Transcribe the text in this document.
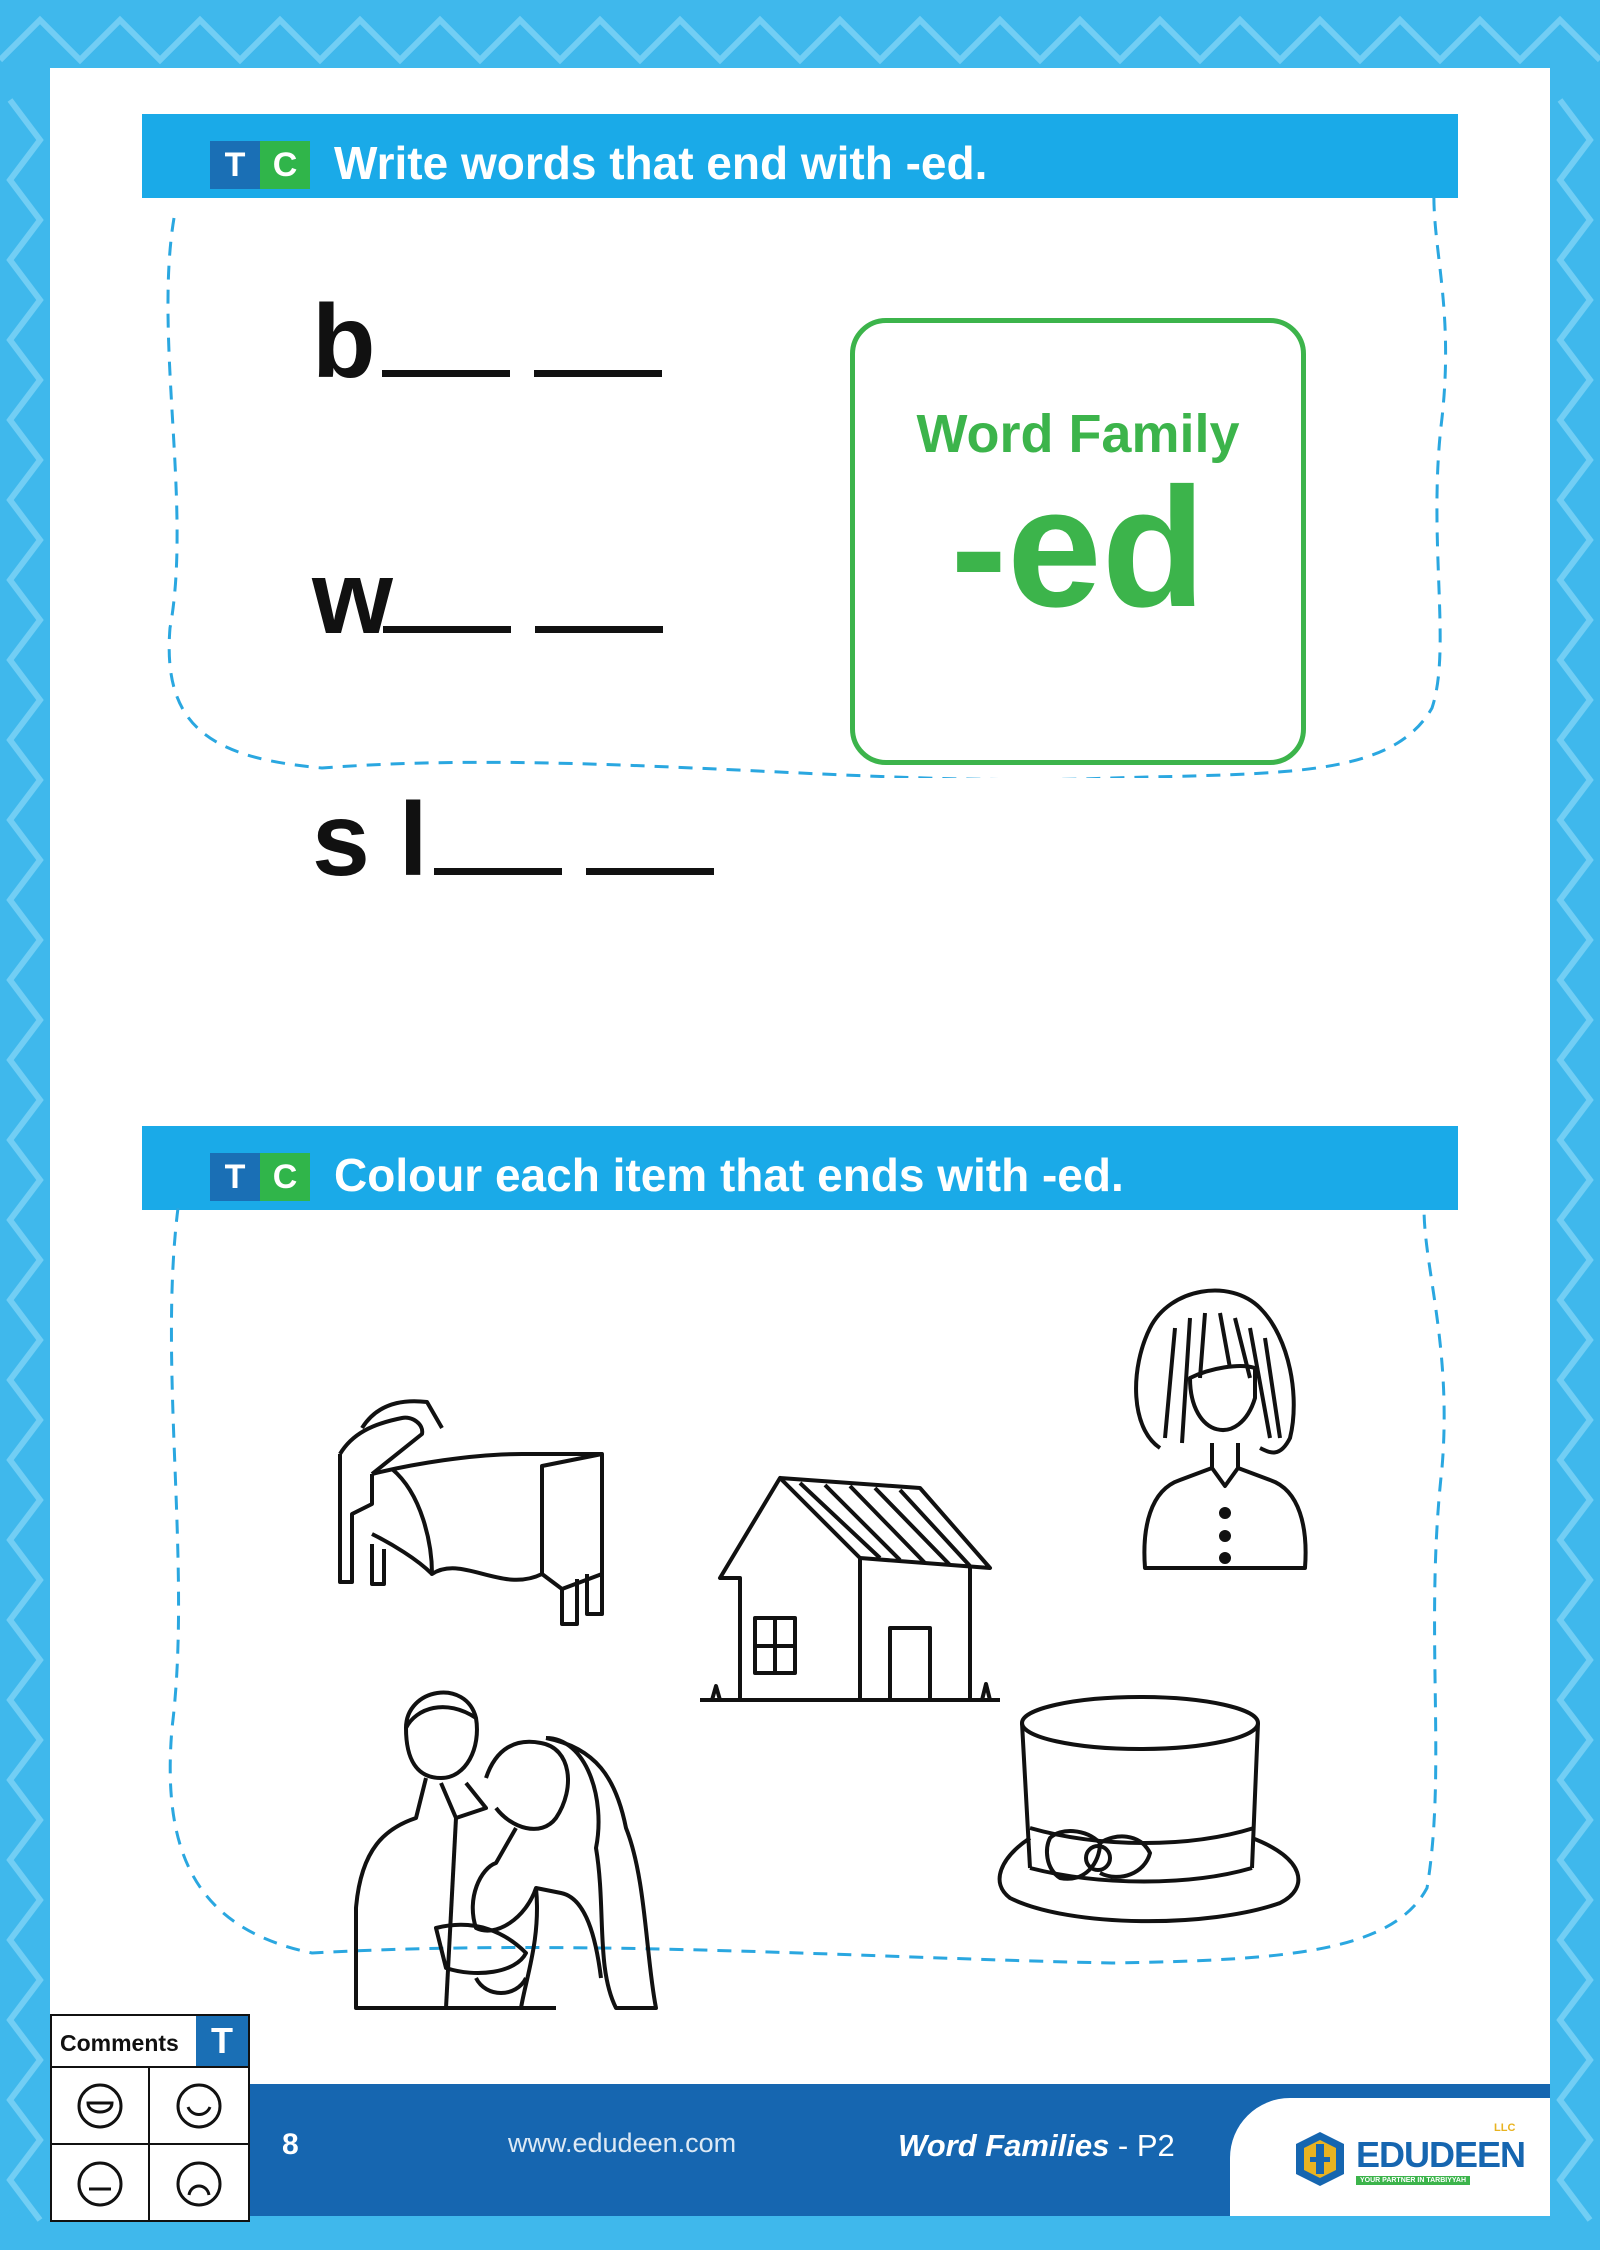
T C Write words that end with -ed.
b
w
s l
Word Family
-ed
T C Colour each item that ends with -ed.
8	www.edudeen.com	Word Families - P2	EDUDEEN
LLC
YOUR PARTNER IN TARBIYYAH
Comments T
